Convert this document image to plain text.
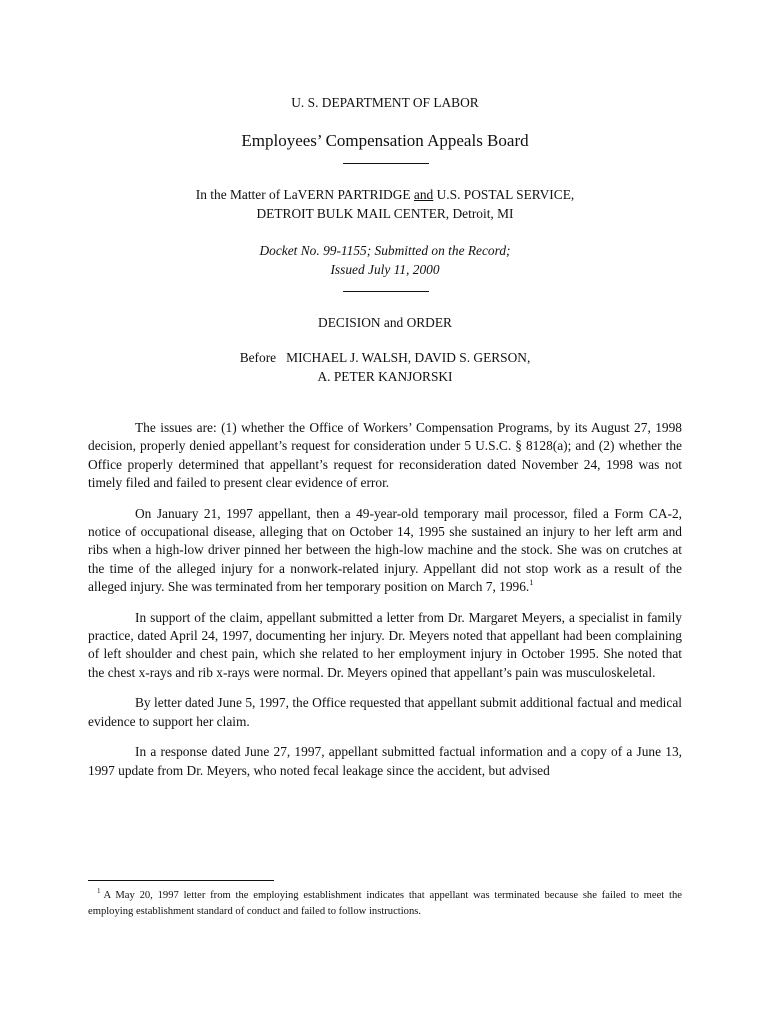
U. S. DEPARTMENT OF LABOR
Employees’ Compensation Appeals Board
In the Matter of LaVERN PARTRIDGE and U.S. POSTAL SERVICE,
DETROIT BULK MAIL CENTER, Detroit, MI
Docket No. 99-1155; Submitted on the Record;
Issued July 11, 2000
DECISION and ORDER
Before   MICHAEL J. WALSH, DAVID S. GERSON,
A. PETER KANJORSKI

The issues are: (1) whether the Office of Workers’ Compensation Programs, by its August 27, 1998 decision, properly denied appellant’s request for consideration under 5 U.S.C. § 8128(a); and (2) whether the Office properly determined that appellant’s request for reconsideration dated November 24, 1998 was not timely filed and failed to present clear evidence of error.

On January 21, 1997 appellant, then a 49-year-old temporary mail processor, filed a Form CA-2, notice of occupational disease, alleging that on October 14, 1995 she sustained an injury to her left arm and ribs when a high-low driver pinned her between the high-low machine and the stock. She was on crutches at the time of the alleged injury for a nonwork-related injury. Appellant did not stop work as a result of the alleged injury. She was terminated from her temporary position on March 7, 1996.$^1$

In support of the claim, appellant submitted a letter from Dr. Margaret Meyers, a specialist in family practice, dated April 24, 1997, documenting her injury. Dr. Meyers noted that appellant had been complaining of left shoulder and chest pain, which she related to her employment injury in October 1995. She noted that the chest x-rays and rib x-rays were normal. Dr. Meyers opined that appellant’s pain was musculoskeletal.

By letter dated June 5, 1997, the Office requested that appellant submit additional factual and medical evidence to support her claim.

In a response dated June 27, 1997, appellant submitted factual information and a copy of a June 13, 1997 update from Dr. Meyers, who noted fecal leakage since the accident, but advised

$^1$ A May 20, 1997 letter from the employing establishment indicates that appellant was terminated because she failed to meet the employing establishment standard of conduct and failed to follow instructions.
